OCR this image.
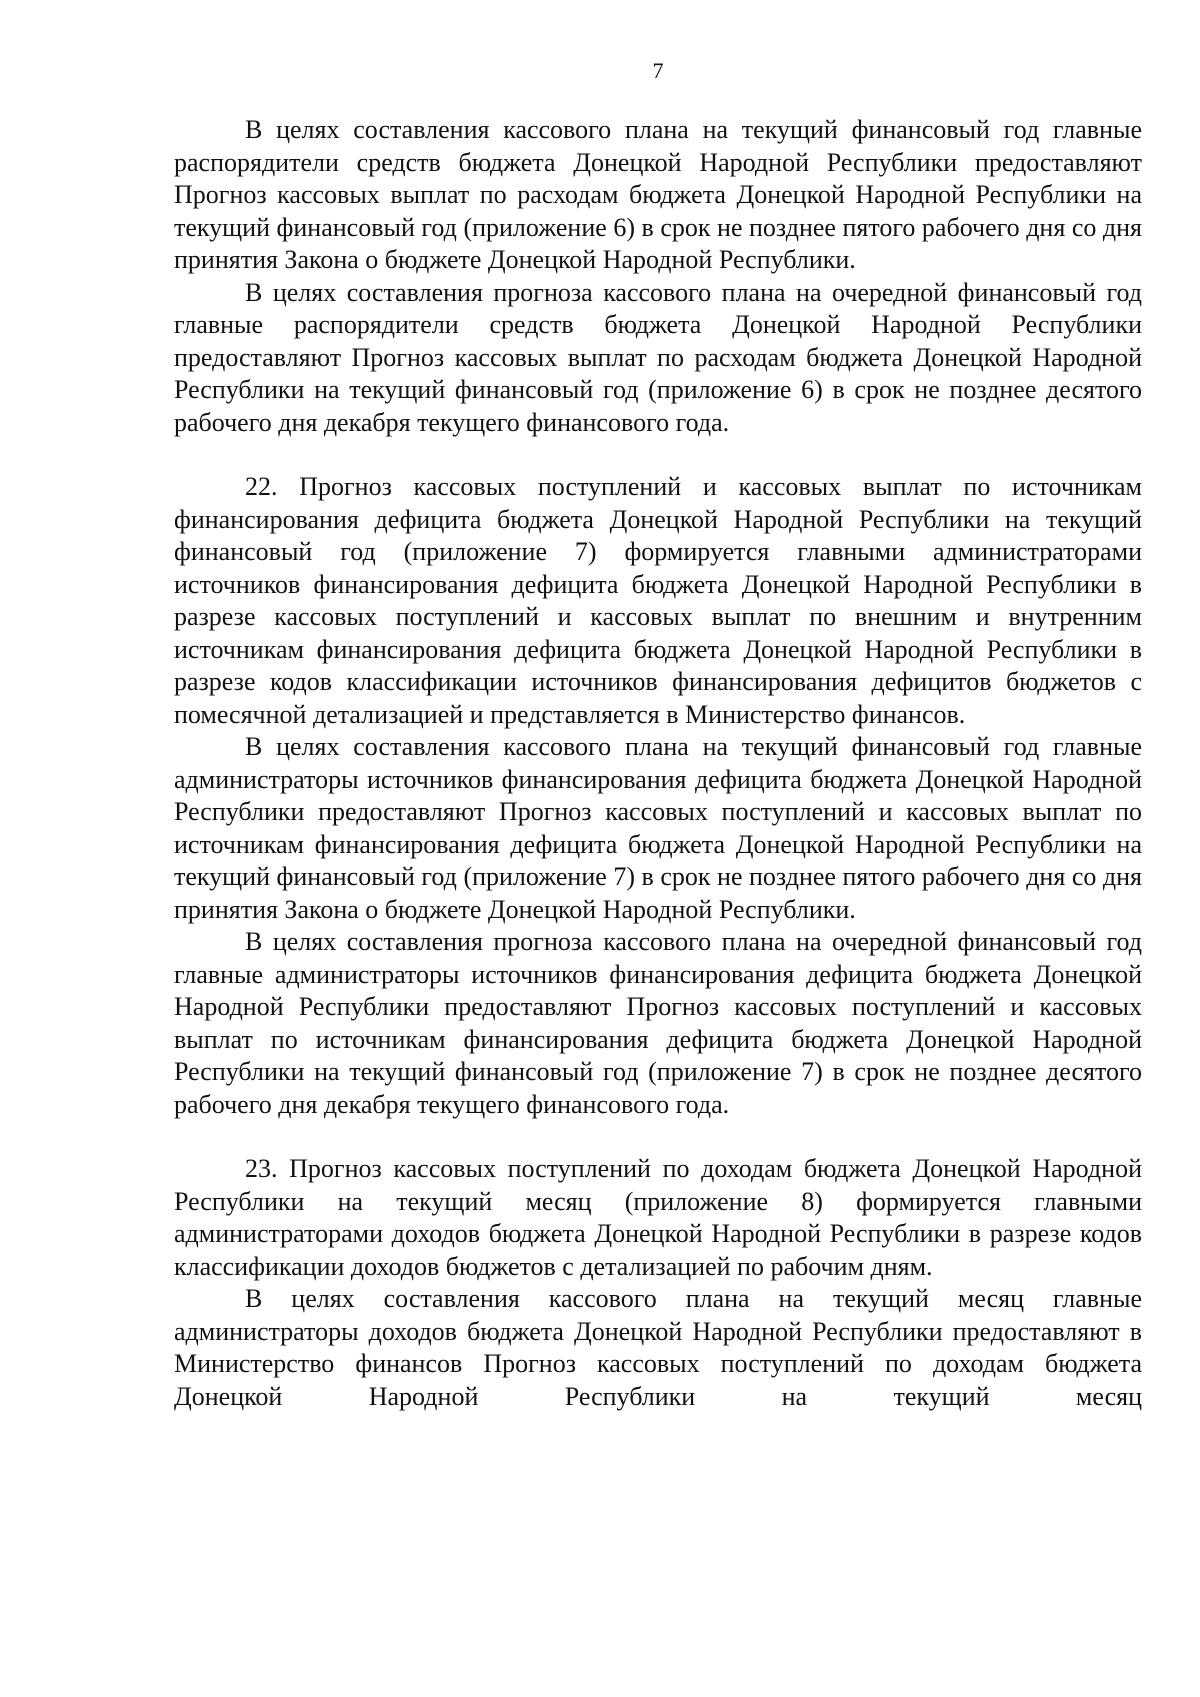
7

В целях составления кассового плана на текущий финансовый год главные распорядители средств бюджета Донецкой Народной Республики предоставляют Прогноз кассовых выплат по расходам бюджета Донецкой Народной Республики на текущий финансовый год (приложение 6) в срок не позднее пятого рабочего дня со дня принятия Закона о бюджете Донецкой Народной Республики.

В целях составления прогноза кассового плана на очередной финансовый год главные распорядители средств бюджета Донецкой Народной Республики предоставляют Прогноз кассовых выплат по расходам бюджета Донецкой Народной Республики на текущий финансовый год (приложение 6) в срок не позднее десятого рабочего дня декабря текущего финансового года.

22. Прогноз кассовых поступлений и кассовых выплат по источникам финансирования дефицита бюджета Донецкой Народной Республики на текущий финансовый год (приложение 7) формируется главными администраторами источников финансирования дефицита бюджета Донецкой Народной Республики в разрезе кассовых поступлений и кассовых выплат по внешним и внутренним источникам финансирования дефицита бюджета Донецкой Народной Республики в разрезе кодов классификации источников финансирования дефицитов бюджетов с помесячной детализацией и представляется в Министерство финансов.

В целях составления кассового плана на текущий финансовый год главные администраторы источников финансирования дефицита бюджета Донецкой Народной Республики предоставляют Прогноз кассовых поступлений и кассовых выплат по источникам финансирования дефицита бюджета Донецкой Народной Республики на текущий финансовый год (приложение 7) в срок не позднее пятого рабочего дня со дня принятия Закона о бюджете Донецкой Народной Республики.

В целях составления прогноза кассового плана на очередной финансовый год главные администраторы источников финансирования дефицита бюджета Донецкой Народной Республики предоставляют Прогноз кассовых поступлений и кассовых выплат по источникам финансирования дефицита бюджета Донецкой Народной Республики на текущий финансовый год (приложение 7) в срок не позднее десятого рабочего дня декабря текущего финансового года.

23. Прогноз кассовых поступлений по доходам бюджета Донецкой Народной Республики на текущий месяц (приложение 8) формируется главными администраторами доходов бюджета Донецкой Народной Республики в разрезе кодов классификации доходов бюджетов с детализацией по рабочим дням.

В целях составления кассового плана на текущий месяц главные администраторы доходов бюджета Донецкой Народной Республики предоставляют в Министерство финансов Прогноз кассовых поступлений по доходам бюджета Донецкой Народной Республики на текущий месяц
